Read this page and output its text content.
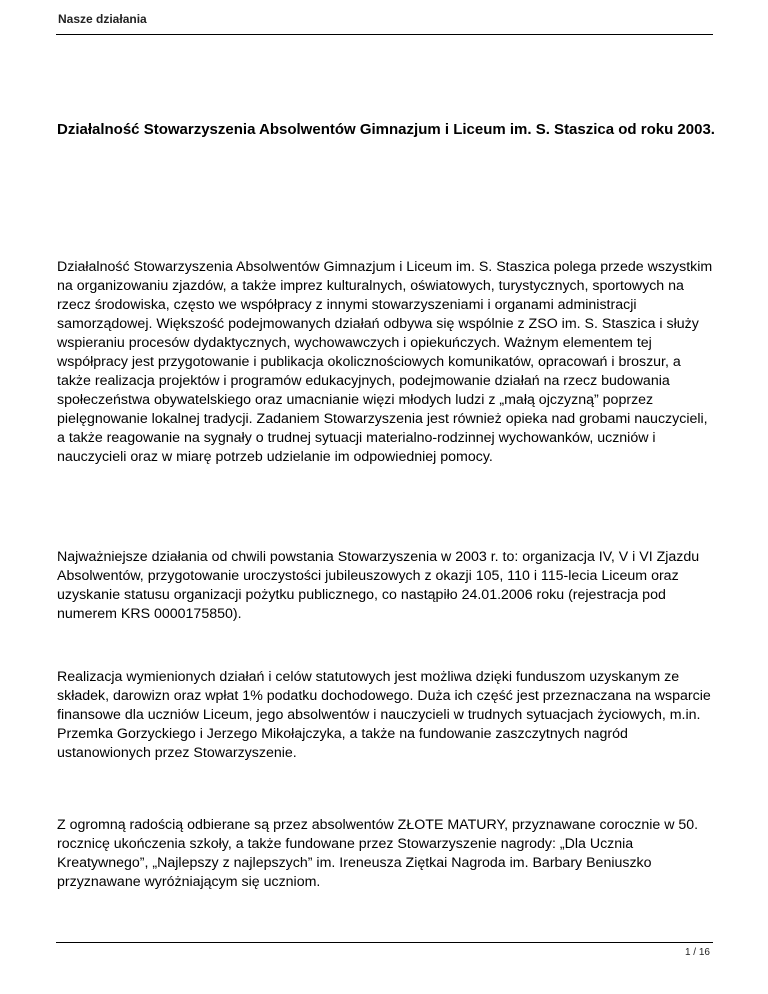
Nasze działania
Działalność Stowarzyszenia Absolwentów Gimnazjum i Liceum im. S. Staszica od roku 2003.

Działalność Stowarzyszenia Absolwentów Gimnazjum i Liceum im. S. Staszica polega przede wszystkim na organizowaniu zjazdów, a także imprez kulturalnych, oświatowych, turystycznych, sportowych na rzecz środowiska, często we współpracy z innymi stowarzyszeniami i organami administracji samorządowej. Większość podejmowanych działań odbywa się wspólnie z ZSO im. S. Staszica i służy wspieraniu procesów dydaktycznych, wychowawczych i opiekuńczych. Ważnym elementem tej współpracy jest przygotowanie i publikacja okolicznościowych komunikatów, opracowań i broszur, a także realizacja projektów i programów edukacyjnych, podejmowanie działań na rzecz budowania społeczeństwa obywatelskiego oraz umacnianie więzi młodych ludzi z „małą ojczyzną” poprzez pielęgnowanie lokalnej tradycji. Zadaniem Stowarzyszenia jest również opieka nad grobami nauczycieli, a także reagowanie na sygnały o trudnej sytuacji materialno-rodzinnej wychowanków, uczniów i nauczycieli oraz w miarę potrzeb udzielanie im odpowiedniej pomocy.

Najważniejsze działania od chwili powstania Stowarzyszenia w 2003 r. to: organizacja IV, V i VI Zjazdu Absolwentów, przygotowanie uroczystości jubileuszowych z okazji 105, 110 i 115-lecia Liceum oraz uzyskanie statusu organizacji pożytku publicznego, co nastąpiło 24.01.2006 roku (rejestracja pod numerem KRS 0000175850).

Realizacja wymienionych działań i celów statutowych jest możliwa dzięki funduszom uzyskanym ze składek, darowizn oraz wpłat 1% podatku dochodowego. Duża ich część jest przeznaczana na wsparcie finansowe dla uczniów Liceum, jego absolwentów i nauczycieli w trudnych sytuacjach życiowych, m.in. Przemka Gorzyckiego i Jerzego Mikołajczyka, a także na fundowanie zaszczytnych nagród ustanowionych przez Stowarzyszenie.

Z ogromną radością odbierane są przez absolwentów ZŁOTE MATURY, przyznawane corocznie w 50. rocznicę ukończenia szkoły, a także fundowane przez Stowarzyszenie nagrody: „Dla Ucznia Kreatywnego”, „Najlepszy z najlepszych” im. Ireneusza Ziętkai Nagroda im. Barbary Beniuszko przyznawane wyróżniającym się uczniom.

1 / 16
